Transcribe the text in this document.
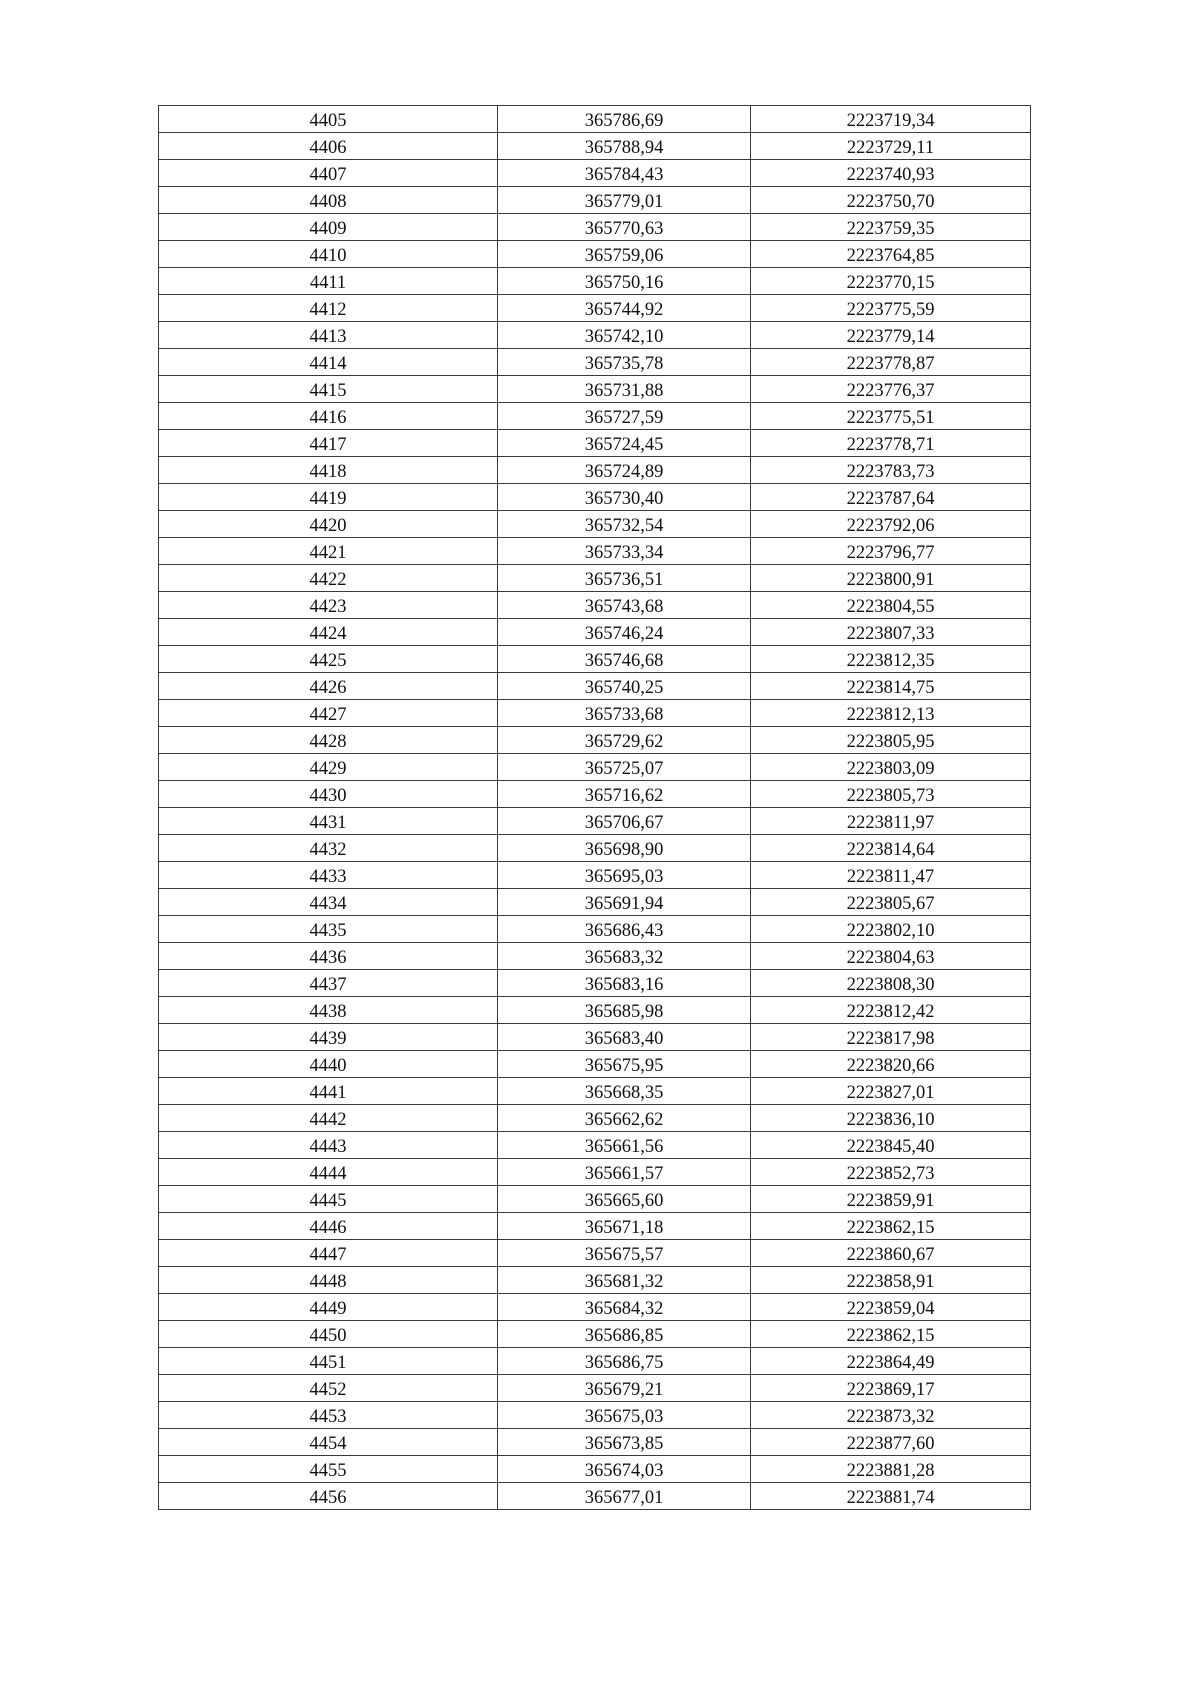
4405	365786,69	2223719,34
4406	365788,94	2223729,11
4407	365784,43	2223740,93
4408	365779,01	2223750,70
4409	365770,63	2223759,35
4410	365759,06	2223764,85
4411	365750,16	2223770,15
4412	365744,92	2223775,59
4413	365742,10	2223779,14
4414	365735,78	2223778,87
4415	365731,88	2223776,37
4416	365727,59	2223775,51
4417	365724,45	2223778,71
4418	365724,89	2223783,73
4419	365730,40	2223787,64
4420	365732,54	2223792,06
4421	365733,34	2223796,77
4422	365736,51	2223800,91
4423	365743,68	2223804,55
4424	365746,24	2223807,33
4425	365746,68	2223812,35
4426	365740,25	2223814,75
4427	365733,68	2223812,13
4428	365729,62	2223805,95
4429	365725,07	2223803,09
4430	365716,62	2223805,73
4431	365706,67	2223811,97
4432	365698,90	2223814,64
4433	365695,03	2223811,47
4434	365691,94	2223805,67
4435	365686,43	2223802,10
4436	365683,32	2223804,63
4437	365683,16	2223808,30
4438	365685,98	2223812,42
4439	365683,40	2223817,98
4440	365675,95	2223820,66
4441	365668,35	2223827,01
4442	365662,62	2223836,10
4443	365661,56	2223845,40
4444	365661,57	2223852,73
4445	365665,60	2223859,91
4446	365671,18	2223862,15
4447	365675,57	2223860,67
4448	365681,32	2223858,91
4449	365684,32	2223859,04
4450	365686,85	2223862,15
4451	365686,75	2223864,49
4452	365679,21	2223869,17
4453	365675,03	2223873,32
4454	365673,85	2223877,60
4455	365674,03	2223881,28
4456	365677,01	2223881,74
